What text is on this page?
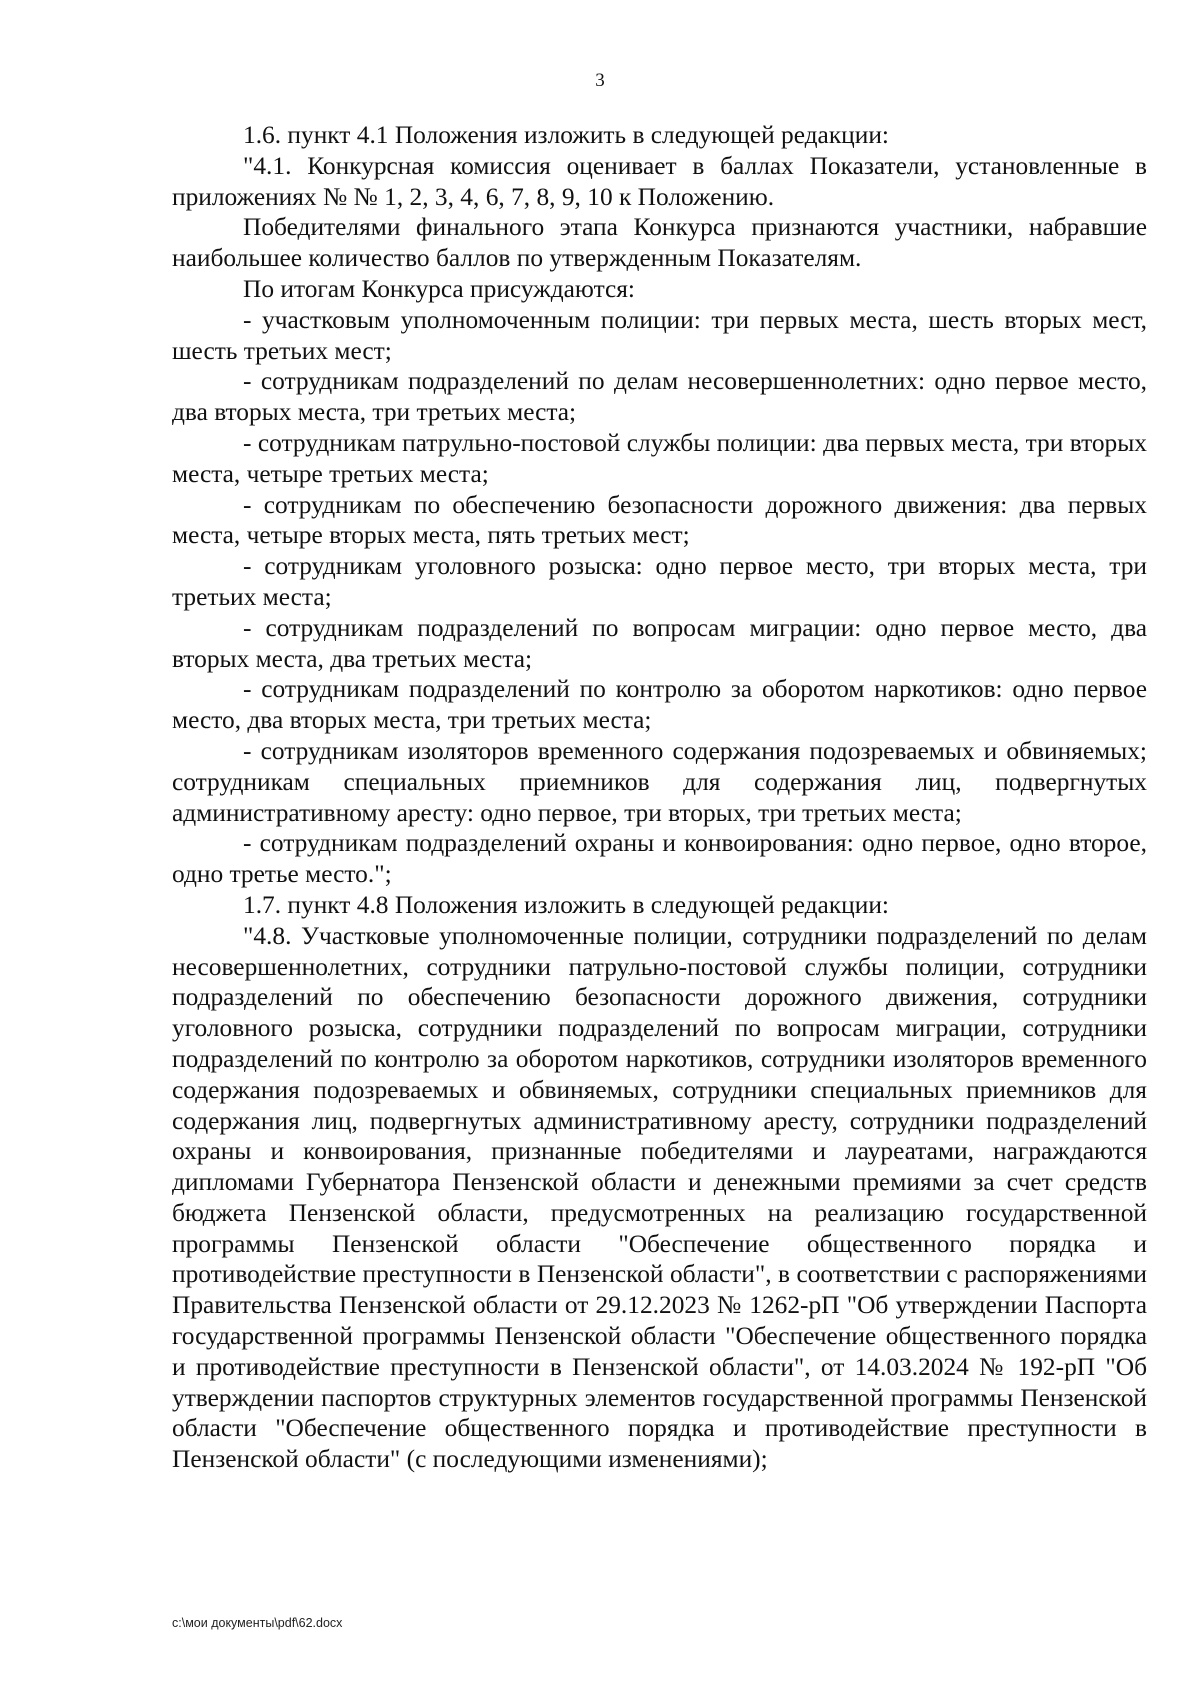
3

1.6. пункт 4.1 Положения изложить в следующей редакции:

"4.1. Конкурсная комиссия оценивает в баллах Показатели, установленные в приложениях № № 1, 2, 3, 4, 6, 7, 8, 9, 10 к Положению.

Победителями финального этапа Конкурса признаются участники, набравшие наибольшее количество баллов по утвержденным Показателям.

По итогам Конкурса присуждаются:

- участковым уполномоченным полиции: три первых места, шесть вторых мест, шесть третьих мест;

- сотрудникам подразделений по делам несовершеннолетних: одно первое место, два вторых места, три третьих места;

- сотрудникам патрульно-постовой службы полиции: два первых места, три вторых места, четыре третьих места;

- сотрудникам по обеспечению безопасности дорожного движения: два первых места, четыре вторых места, пять третьих мест;

- сотрудникам уголовного розыска: одно первое место, три вторых места, три третьих места;

- сотрудникам подразделений по вопросам миграции: одно первое место, два вторых места, два третьих места;

- сотрудникам подразделений по контролю за оборотом наркотиков: одно первое место, два вторых места, три третьих места;

- сотрудникам изоляторов временного содержания подозреваемых и обвиняемых; сотрудникам специальных приемников для содержания лиц, подвергнутых административному аресту: одно первое, три вторых, три третьих места;

- сотрудникам подразделений охраны и конвоирования: одно первое, одно второе, одно третье место.";

1.7. пункт 4.8 Положения изложить в следующей редакции:

"4.8. Участковые уполномоченные полиции, сотрудники подразделений по делам несовершеннолетних, сотрудники патрульно-постовой службы полиции, сотрудники подразделений по обеспечению безопасности дорожного движения, сотрудники уголовного розыска, сотрудники подразделений по вопросам миграции, сотрудники подразделений по контролю за оборотом наркотиков, сотрудники изоляторов временного содержания подозреваемых и обвиняемых, сотрудники специальных приемников для содержания лиц, подвергнутых административному аресту, сотрудники подразделений охраны и конвоирования, признанные победителями и лауреатами, награждаются дипломами Губернатора Пензенской области и денежными премиями за счет средств бюджета Пензенской области, предусмотренных на реализацию государственной программы Пензенской области "Обеспечение общественного порядка и противодействие преступности в Пензенской области", в соответствии с распоряжениями Правительства Пензенской области от 29.12.2023 № 1262-рП "Об утверждении Паспорта государственной программы Пензенской области "Обеспечение общественного порядка и противодействие преступности в Пензенской области", от 14.03.2024 № 192-рП "Об утверждении паспортов структурных элементов государственной программы Пензенской области "Обеспечение общественного порядка и противодействие преступности в Пензенской области" (с последующими изменениями);

c:\мои документы\pdf\62.docx
